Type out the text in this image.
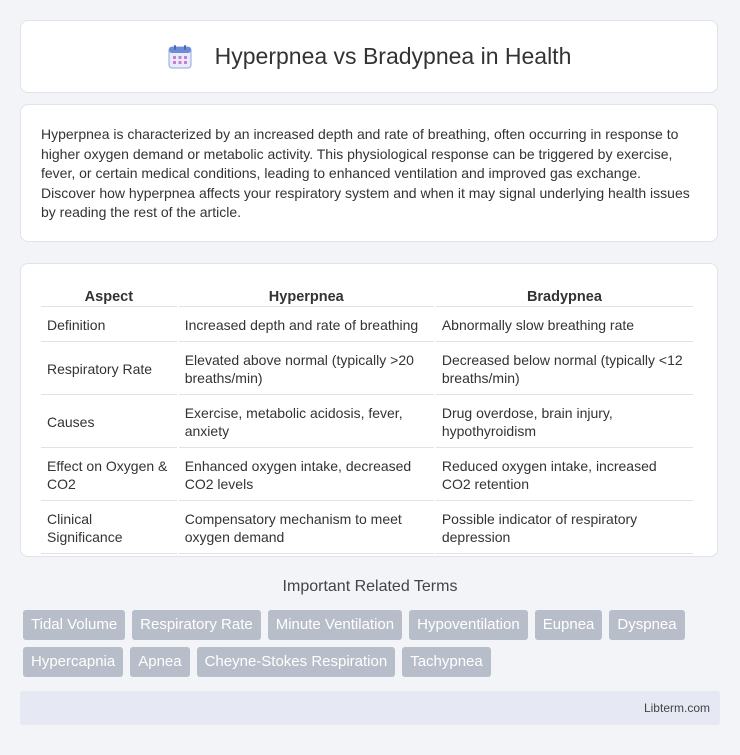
Hyperpnea vs Bradypnea in Health

Hyperpnea is characterized by an increased depth and rate of breathing, often occurring in response to higher oxygen demand or metabolic activity. This physiological response can be triggered by exercise, fever, or certain medical conditions, leading to enhanced ventilation and improved gas exchange. Discover how hyperpnea affects your respiratory system and when it may signal underlying health issues by reading the rest of the article.

Aspect	Hyperpnea	Bradypnea
Definition	Increased depth and rate of breathing	Abnormally slow breathing rate
Respiratory Rate	Elevated above normal (typically >20 breaths/min)	Decreased below normal (typically <12 breaths/min)
Causes	Exercise, metabolic acidosis, fever, anxiety	Drug overdose, brain injury, hypothyroidism
Effect on Oxygen & CO2	Enhanced oxygen intake, decreased CO2 levels	Reduced oxygen intake, increased CO2 retention
Clinical Significance	Compensatory mechanism to meet oxygen demand	Possible indicator of respiratory depression
Important Related Terms
Tidal Volume	Respiratory Rate	Minute Ventilation	Hypoventilation	Eupnea	Dyspnea
Hypercapnia	Apnea	Cheyne-Stokes Respiration	Tachypnea
Libterm.com
